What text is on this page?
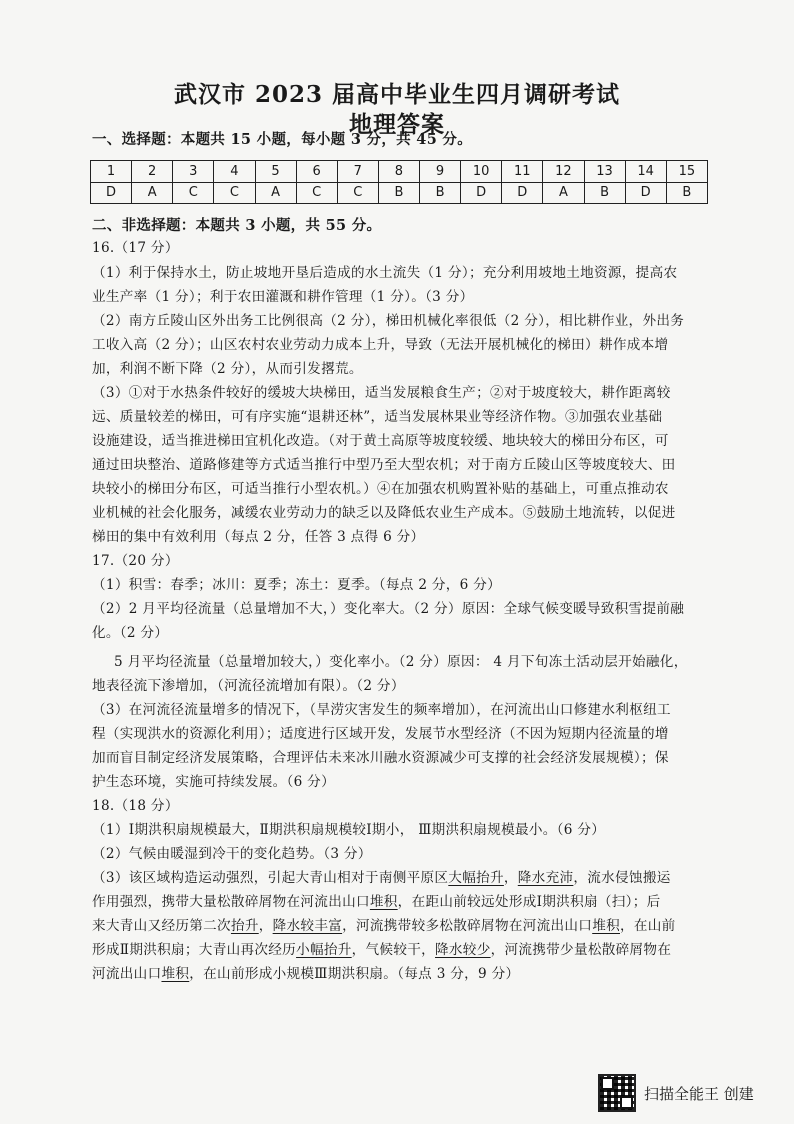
武汉市 2023 届高中毕业生四月调研考试
地理答案
一、选择题：本题共 15 小题，每小题 3 分，共 45 分。
1	2	3	4	5	6	7	8	9	10	11	12	13	14	15
D	A	C	C	A	C	C	B	B	D	D	A	B	D	B
二、非选择题：本题共 3 小题，共 55 分。
16.（17 分）
（1）利于保持水土，防止坡地开垦后造成的水土流失（1 分）；充分利用坡地土地资源，提高农
业生产率（1 分）；利于农田灌溉和耕作管理（1 分）。（3 分）
（2）南方丘陵山区外出务工比例很高（2 分），梯田机械化率很低（2 分），相比耕作业，外出务
工收入高（2 分）；山区农村农业劳动力成本上升，导致（无法开展机械化的梯田）耕作成本增
加，利润不断下降（2 分），从而引发撂荒。
（3）①对于水热条件较好的缓坡大块梯田，适当发展粮食生产；②对于坡度较大，耕作距离较
远、质量较差的梯田，可有序实施“退耕还林”，适当发展林果业等经济作物。③加强农业基础
设施建设，适当推进梯田宜机化改造。（对于黄土高原等坡度较缓、地块较大的梯田分布区，可
通过田块整治、道路修建等方式适当推行中型乃至大型农机；对于南方丘陵山区等坡度较大、田
块较小的梯田分布区，可适当推行小型农机。）④在加强农机购置补贴的基础上，可重点推动农
业机械的社会化服务，减缓农业劳动力的缺乏以及降低农业生产成本。⑤鼓励土地流转，以促进
梯田的集中有效利用（每点 2 分，任答 3 点得 6 分）
17.（20 分）
（1）积雪：春季；冰川：夏季；冻土：夏季。（每点 2 分，6 分）
（2）2 月平均径流量（总量增加不大，）变化率大。（2 分）原因：全球气候变暖导致积雪提前融
化。（2 分）
5 月平均径流量（总量增加较大，）变化率小。（2 分）原因： 4 月下旬冻土活动层开始融化，
地表径流下渗增加，（河流径流增加有限）。（2 分）
（3）在河流径流量增多的情况下，（旱涝灾害发生的频率增加），在河流出山口修建水利枢纽工
程（实现洪水的资源化利用）；适度进行区域开发，发展节水型经济（不因为短期内径流量的增
加而盲目制定经济发展策略，合理评估未来冰川融水资源减少可支撑的社会经济发展规模）；保
护生态环境，实施可持续发展。（6 分）
18.（18 分）
（1）Ⅰ期洪积扇规模最大，Ⅱ期洪积扇规模较Ⅰ期小， Ⅲ期洪积扇规模最小。（6 分）
（2）气候由暖湿到冷干的变化趋势。（3 分）
（3）该区域构造运动强烈，引起大青山相对于南侧平原区大幅抬升，降水充沛，流水侵蚀搬运
作用强烈，携带大量松散碎屑物在河流出山口堆积，在距山前较远处形成Ⅰ期洪积扇（扫）；后
来大青山又经历第二次抬升，降水较丰富，河流携带较多松散碎屑物在河流出山口堆积，在山前
形成Ⅱ期洪积扇；大青山再次经历小幅抬升，气候较干，降水较少，河流携带少量松散碎屑物在
河流出山口堆积，在山前形成小规模Ⅲ期洪积扇。（每点 3 分，9 分）
扫描全能王 创建
